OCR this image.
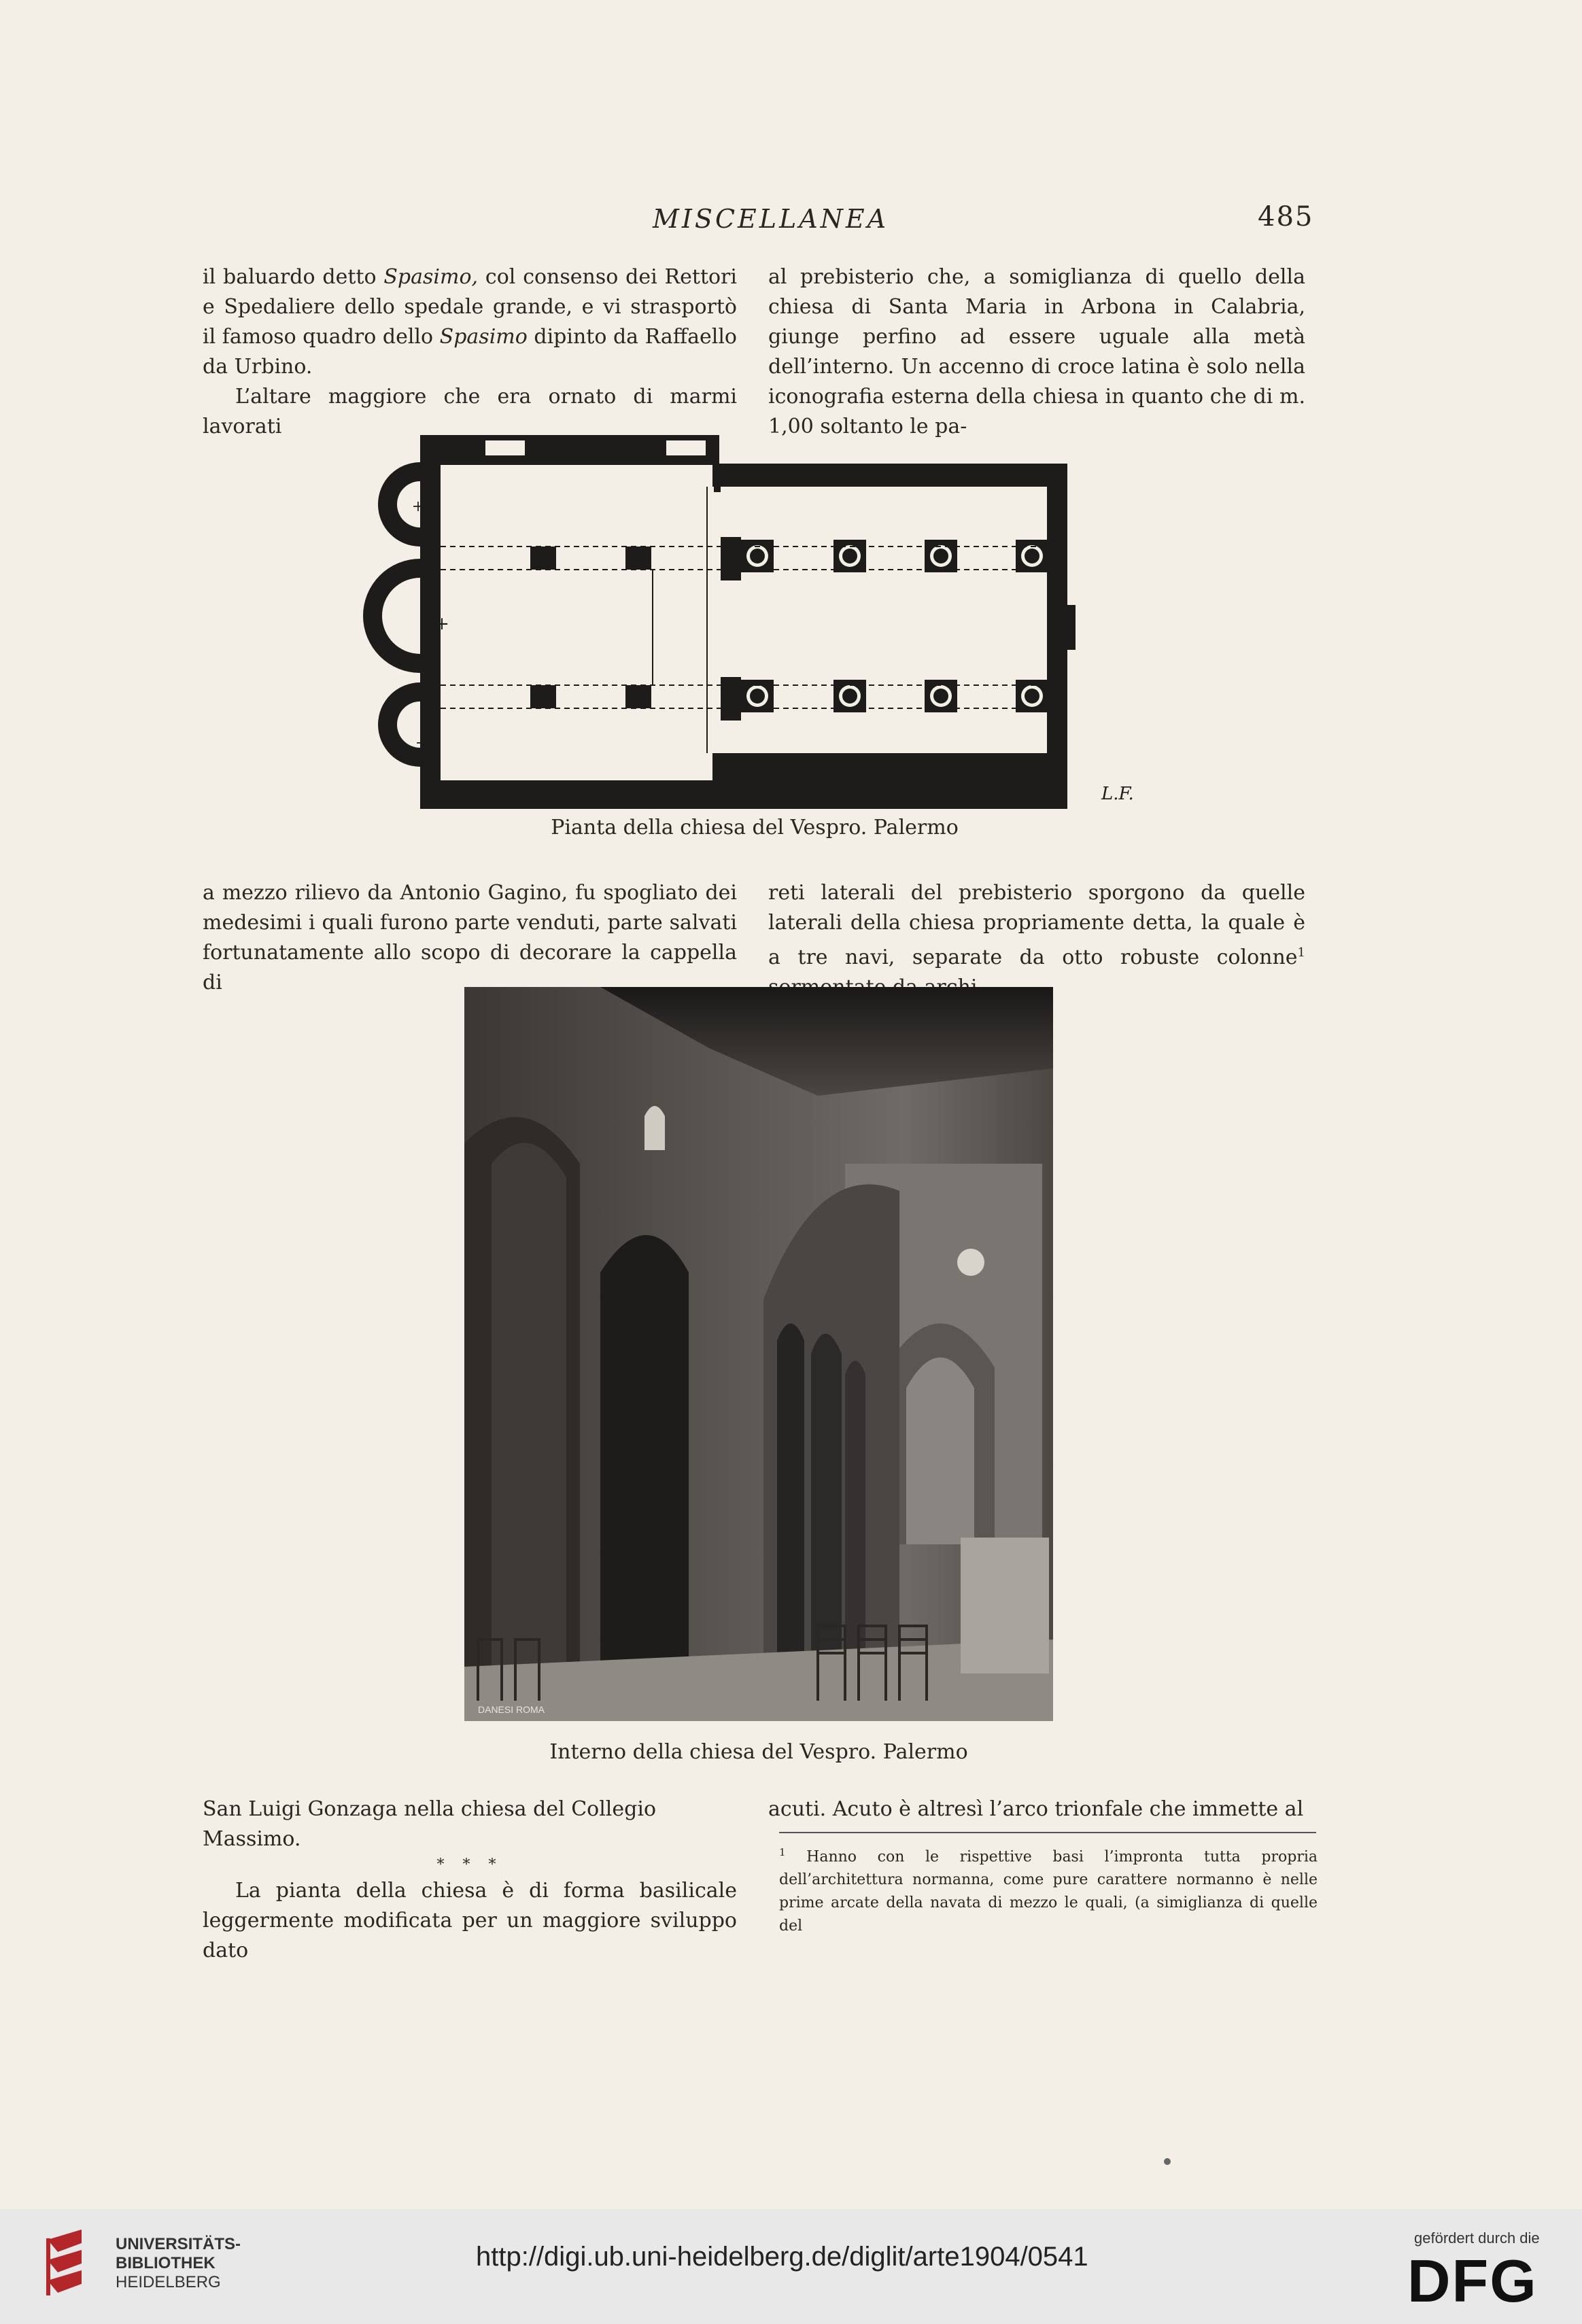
MISCELLANEA	485

il baluardo detto Spasimo, col consenso dei Rettori e Spedaliere dello spedale grande, e vi strasportò il famoso quadro dello Spasimo dipinto da Raffaello da Urbino.

L’altare maggiore che era ornato di marmi lavorati

al prebisterio che, a somiglianza di quello della chiesa di Santa Maria in Arbona in Calabria, giunge perfino ad essere uguale alla metà dell’interno. Un accenno di croce latina è solo nella iconografia esterna della chiesa in quanto che di m. 1,00 soltanto le pa-

+
+
+
L.F.
Pianta della chiesa del Vespro. Palermo

a mezzo rilievo da Antonio Gagino, fu spogliato dei medesimi i quali furono parte venduti, parte salvati fortunatamente allo scopo di decorare la cappella di

reti laterali del prebisterio sporgono da quelle laterali della chiesa propriamente detta, la quale è a tre navi, separate da otto robuste colonne$^1$

DANESI ROMA
Interno della chiesa del Vespro. Palermo

San Luigi Gonzaga nella chiesa del Collegio Massimo.

* * *

La pianta della chiesa è di forma basilicale leggermente modificata per un maggiore sviluppo dato

acuti. Acuto è altresì l’arco trionfale che immette al

$^1$ Hanno con le rispettive basi l’impronta tutta propria dell’architettura normanna, come pure carattere normanno è nelle prime arcate della navata di mezzo le quali, (a simiglianza di quelle del
UNIVERSITÄTS-
BIBLIOTHEK
HEIDELBERG
http://digi.ub.uni-heidelberg.de/diglit/arte1904/0541
gefördert durch die
DFG
